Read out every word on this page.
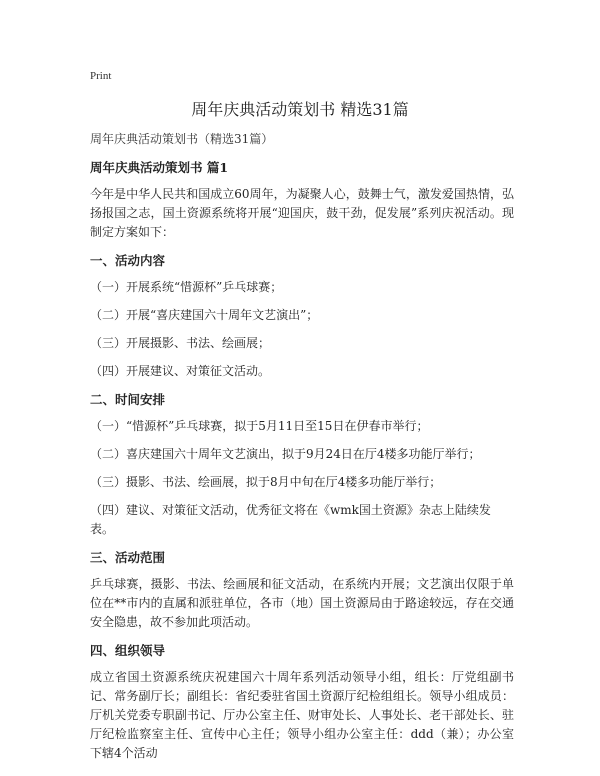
Print
周年庆典活动策划书 精选31篇

周年庆典活动策划书（精选31篇）

周年庆典活动策划书 篇1

今年是中华人民共和国成立60周年，为凝聚人心，鼓舞士气，激发爱国热情，弘扬报国之志，国土资源系统将开展“迎国庆，鼓干劲，促发展”系列庆祝活动。现制定方案如下：

一、活动内容

（一）开展系统“惜源杯”乒乓球赛；

（二）开展“喜庆建国六十周年文艺演出”；

（三）开展摄影、书法、绘画展；

（四）开展建议、对策征文活动。

二、时间安排

（一）“惜源杯”乒乓球赛，拟于5月11日至15日在伊春市举行；

（二）喜庆建国六十周年文艺演出，拟于9月24日在厅4楼多功能厅举行；

（三）摄影、书法、绘画展，拟于8月中旬在厅4楼多功能厅举行；

（四）建议、对策征文活动，优秀征文将在《wmk国土资源》杂志上陆续发表。

三、活动范围

乒乓球赛，摄影、书法、绘画展和征文活动，在系统内开展；文艺演出仅限于单位在**市内的直属和派驻单位，各市（地）国土资源局由于路途较远，存在交通安全隐患，故不参加此项活动。

四、组织领导

成立省国土资源系统庆祝建国六十周年系列活动领导小组，组长：厅党组副书记、常务副厅长；副组长：省纪委驻省国土资源厅纪检组组长。领导小组成员：厅机关党委专职副书记、厅办公室主任、财审处长、人事处长、老干部处长、驻厅纪检监察室主任、宣传中心主任；领导小组办公室主任：ddd（兼）；办公室下辖4个活动
